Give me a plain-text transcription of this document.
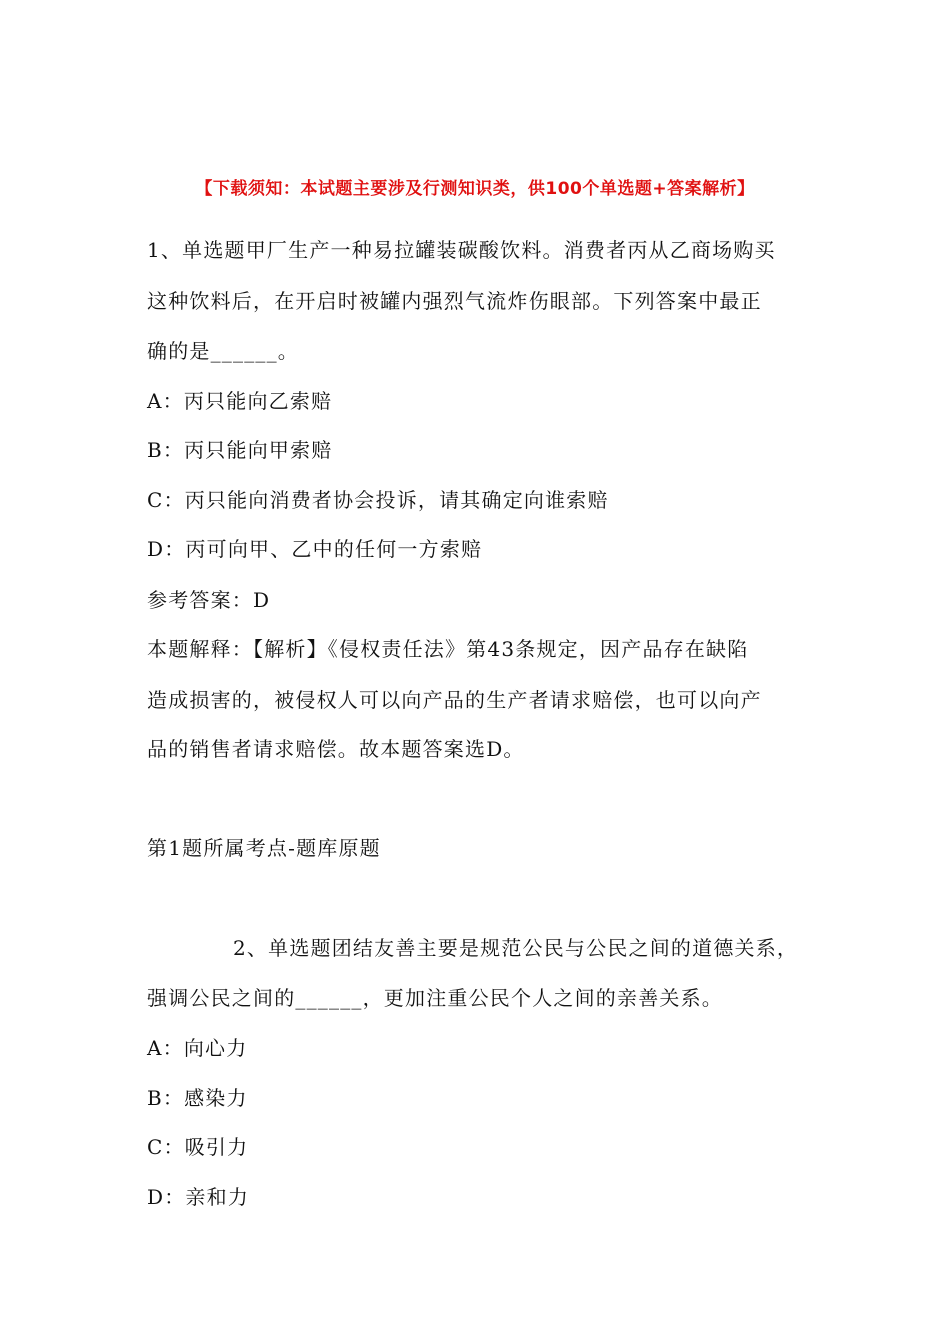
【下载须知：本试题主要涉及行测知识类，供100个单选题+答案解析】
1、单选题甲厂生产一种易拉罐装碳酸饮料。消费者丙从乙商场购买
这种饮料后，在开启时被罐内强烈气流炸伤眼部。下列答案中最正
确的是______。
A：丙只能向乙索赔
B：丙只能向甲索赔
C：丙只能向消费者协会投诉，请其确定向谁索赔
D：丙可向甲、乙中的任何一方索赔
参考答案：D
本题解释：【解析】《侵权责任法》第43条规定，因产品存在缺陷
造成损害的，被侵权人可以向产品的生产者请求赔偿，也可以向产
品的销售者请求赔偿。故本题答案选D。
第1题所属考点-题库原题
2、单选题团结友善主要是规范公民与公民之间的道德关系，
强调公民之间的______，更加注重公民个人之间的亲善关系。
A：向心力
B：感染力
C：吸引力
D：亲和力
